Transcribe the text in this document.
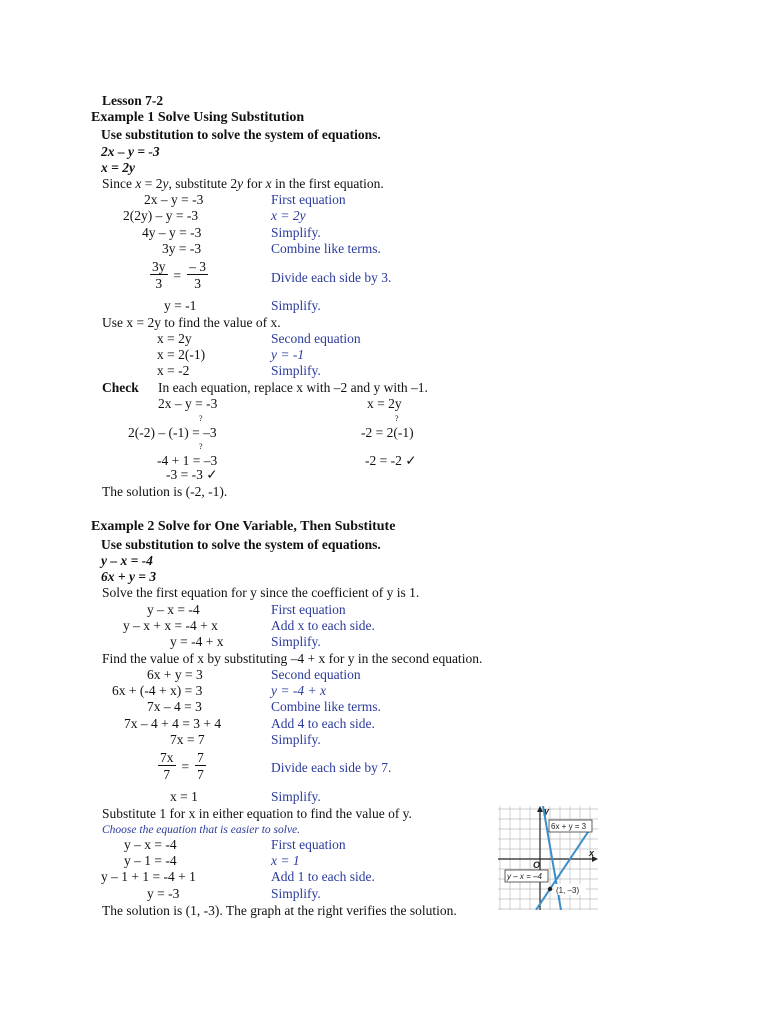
Lesson 7-2
Example 1 Solve Using Substitution
Use substitution to solve the system of equations.
2x – y = -3
x = 2y
Since x = 2y, substitute 2y for x in the first equation.
2x – y = -3	First equation
2(2y) – y = -3	x = 2y
4y – y = -3	Simplify.
3y = -3	Combine like terms.
$\frac{3y}{3} = \frac{- 3}{3}$	Divide each side by 3.
y = -1	Simplify.
Use x = 2y to find the value of x.
x = 2y	Second equation
x = 2(-1)	y = -1
x = -2	Simplify.
Check In each equation, replace x with –2 and y with –1.
2x – y = -3	x = 2y
?	?
2(-2) – (-1) = –3	-2 = 2(-1)
?
-4 + 1 = –3	-2 = -2 ✓
-3 = -3 ✓
The solution is (-2, -1).
Example 2 Solve for One Variable, Then Substitute
Use substitution to solve the system of equations.
y – x = -4
6x + y = 3
Solve the first equation for y since the coefficient of y is 1.
y – x = -4	First equation
y – x + x = -4 + x	Add x to each side.
y = -4 + x	Simplify.
Find the value of x by substituting –4 + x for y in the second equation.
6x + y = 3	Second equation
6x + (-4 + x) = 3	y = -4 + x
7x – 4 = 3	Combine like terms.
7x – 4 + 4 = 3 + 4	Add 4 to each side.
7x = 7	Simplify.
$\frac{7x}{7} = \frac{7}{7}$	Divide each side by 7.
x = 1	Simplify.
Substitute 1 for x in either equation to find the value of y.
Choose the equation that is easier to solve.
y – x = -4	First equation
y – 1 = -4	x = 1
y – 1 + 1 = -4 + 1	Add 1 to each side.
y = -3	Simplify.
The solution is (1, -3). The graph at the right verifies the solution.
y
x
O
6x + y = 3
y – x = –4
(1, –3)
